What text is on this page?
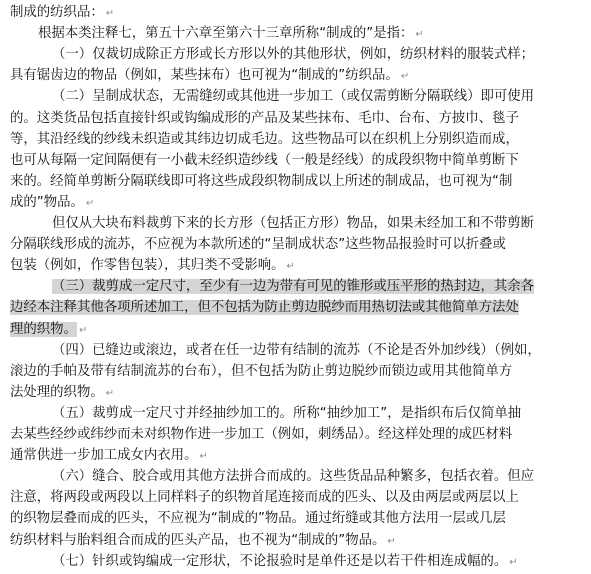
制成的纺织品： ↵
根据本类注释七，第五十六章至第六十三章所称“制成的”是指： ↵
（一）仅裁切成除正方形或长方形以外的其他形状，例如，纺织材料的服装式样；
具有锯齿边的物品（例如，某些抹布）也可视为“制成的”纺织品。 ↵
（二）呈制成状态，无需缝纫或其他进一步加工（或仅需剪断分隔联线）即可使用
的。这类货品包括直接针织或钩编成形的产品及某些抹布、毛巾、台布、方披巾、毯子
等，其沿经线的纱线未织造或其纬边切成毛边。这些物品可以在织机上分别织造而成，
也可从每隔一定间隔便有一小截未经织造纱线（一般是经线）的成段织物中简单剪断下
来的。经简单剪断分隔联线即可将这些成段织物制成以上所述的制成品，也可视为“制
成的”物品。 ↵
但仅从大块布料裁剪下来的长方形（包括正方形）物品，如果未经加工和不带剪断
分隔联线形成的流苏，不应视为本款所述的“呈制成状态”这些物品报验时可以折叠或
包装（例如，作零售包装），其归类不受影响。 ↵
（三）裁剪成一定尺寸，至少有一边为带有可见的锥形或压平形的热封边，其余各
边经本注释其他各项所述加工，但不包括为防止剪边脱纱而用热切法或其他简单方法处
理的织物。 ↵
（四）已缝边或滚边，或者在任一边带有结制的流苏（不论是否外加纱线）（例如，
滚边的手帕及带有结制流苏的台布），但不包括为防止剪边脱纱而锁边或用其他简单方
法处理的织物。 ↵
（五）裁剪成一定尺寸并经抽纱加工的。所称“抽纱加工”，是指织布后仅简单抽
去某些经纱或纬纱而未对织物作进一步加工（例如，刺绣品）。经这样处理的成匹材料
通常供进一步加工成女内衣用。 ↵
（六）缝合、胶合或用其他方法拼合而成的。这些货品品种繁多，包括衣着。但应
注意，将两段或两段以上同样料子的织物首尾连接而成的匹头、以及由两层或两层以上
的织物层叠而成的匹头，不应视为“制成的”物品。通过绗缝或其他方法用一层或几层
纺织材料与胎料组合而成的匹头产品，也不视为“制成的”物品。 ↵
（七）针织或钩编成一定形状，不论报验时是单件还是以若干件相连成幅的。 ↵
